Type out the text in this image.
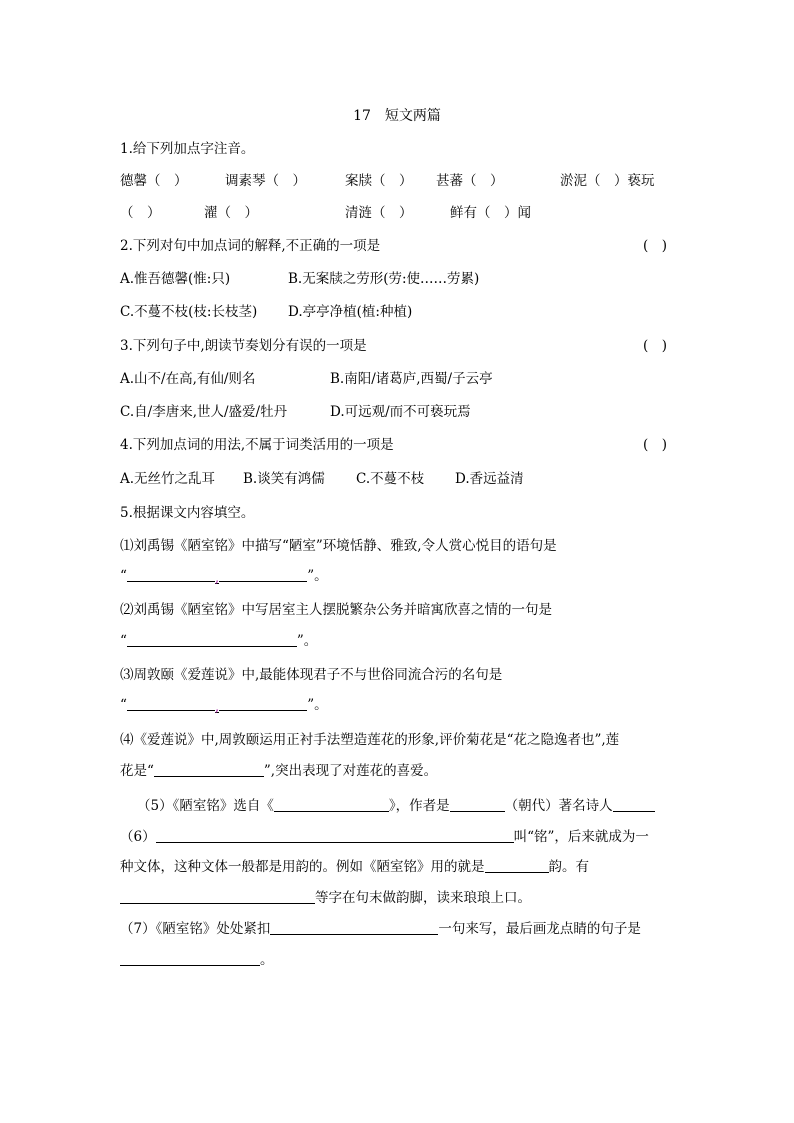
17　短文两篇
1.给下列加点字注音。
德馨（　）	调素琴（　）	案牍（　） 甚蕃（　）	淤泥（　）亵玩
（　）	濯（　）	清涟（　）	鲜有（　）闻
2.下列对句中加点词的解释,不正确的一项是	(　)
A.惟吾德馨(惟:只)	B.无案牍之劳形(劳:使……劳累)
C.不蔓不枝(枝:长枝茎) D.亭亭净植(植:种植)
3.下列句子中,朗读节奏划分有误的一项是	(　)
A.山不/在高,有仙/则名	B.南阳/诸葛庐,西蜀/子云亭
C.自/李唐来,世人/盛爱/牡丹	D.可远观/而不可亵玩焉
4.下列加点词的用法,不属于词类活用的一项是	(　)
A.无丝竹之乱耳 B.谈笑有鸿儒 C.不蔓不枝 D.香远益清
5.根据课文内容填空。
⑴刘禹锡《陋室铭》中描写“陋室”环境恬静、雅致,令人赏心悦目的语句是
“	,	”。
⑵刘禹锡《陋室铭》中写居室主人摆脱繁杂公务并暗寓欣喜之情的一句是
“	”。
⑶周敦颐《爱莲说》中,最能体现君子不与世俗同流合污的名句是
“	,	”。
⑷《爱莲说》中,周敦颐运用正衬手法塑造莲花的形象,评价菊花是“花之隐逸者也”,莲
花是“	”,突出表现了对莲花的喜爱。
（5）《陋室铭》选自《	》，作者是	（朝代）著名诗人
（6）	叫“铭”，后来就成为一
种文体，这种文体一般都是用韵的。例如《陋室铭》用的就是	韵。有
等字在句末做韵脚，读来琅琅上口。
（7）《陋室铭》处处紧扣	一句来写，最后画龙点睛的句子是
。
